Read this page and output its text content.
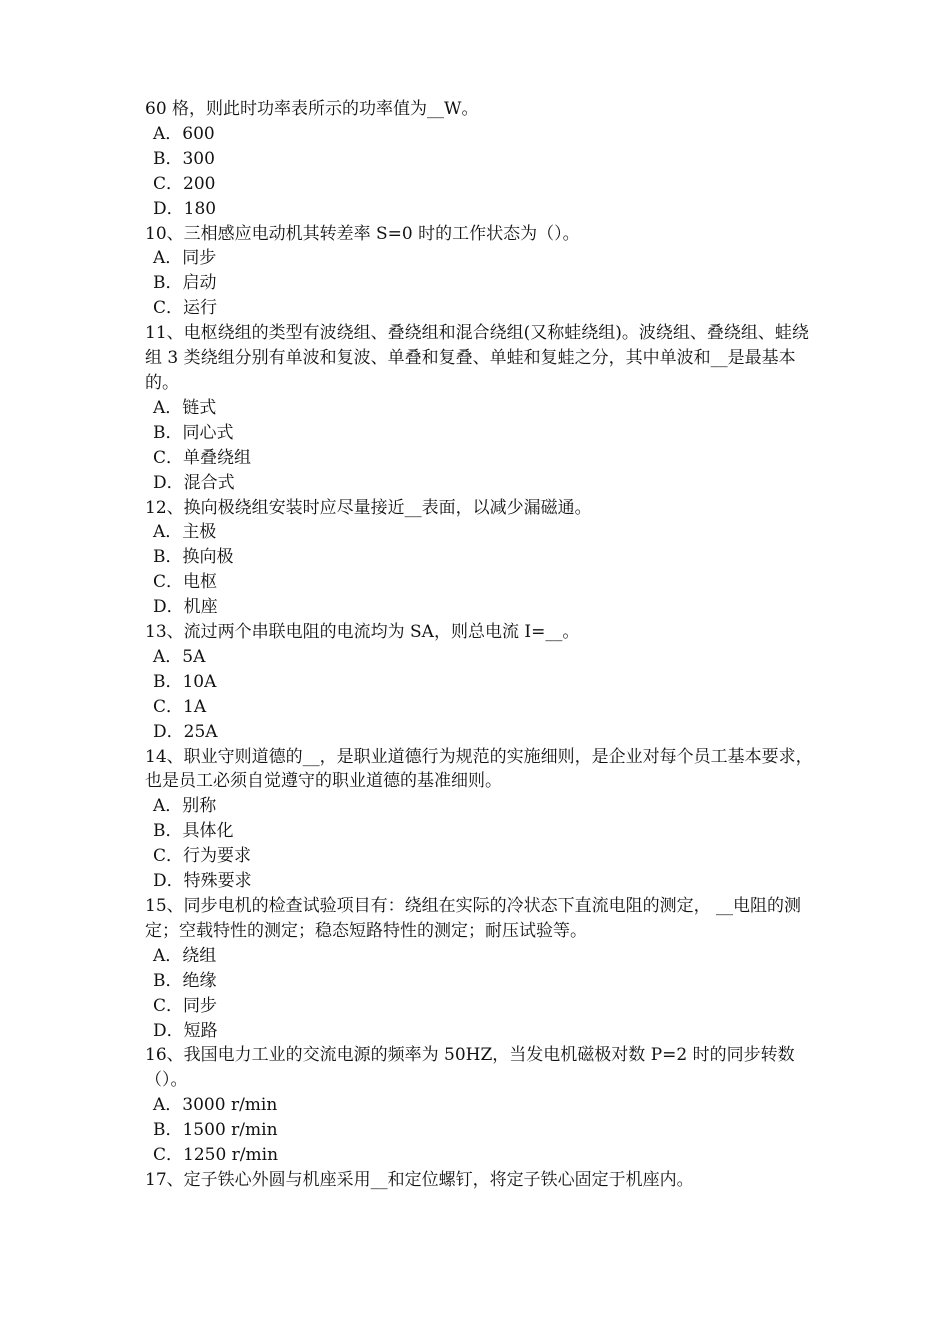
60 格，则此时功率表所示的功率值为__W。

A．600

B．300

C．200

D．180

10、三相感应电动机其转差率 S=0 时的工作状态为（）。

A．同步

B．启动

C．运行

11、电枢绕组的类型有波绕组、叠绕组和混合绕组(又称蛙绕组)。波绕组、叠绕组、蛙绕组 3 类绕组分别有单波和复波、单叠和复叠、单蛙和复蛙之分，其中单波和__是最基本的。

A．链式

B．同心式

C．单叠绕组

D．混合式

12、换向极绕组安装时应尽量接近__表面，以减少漏磁通。

A．主极

B．换向极

C．电枢

D．机座

13、流过两个串联电阻的电流均为 SA，则总电流 I=__。

A．5A

B．10A

C．1A

D．25A

14、职业守则道德的__，是职业道德行为规范的实施细则，是企业对每个员工基本要求，也是员工必须自觉遵守的职业道德的基准细则。

A．别称

B．具体化

C．行为要求

D．特殊要求

15、同步电机的检查试验项目有：绕组在实际的冷状态下直流电阻的测定， __电阻的测定；空载特性的测定；稳态短路特性的测定；耐压试验等。

A．绕组

B．绝缘

C．同步

D．短路

16、我国电力工业的交流电源的频率为 50HZ，当发电机磁极对数 P=2 时的同步转数（）。

A．3000 r/min

B．1500 r/min

C．1250 r/min

17、定子铁心外圆与机座采用__和定位螺钉，将定子铁心固定于机座内。
